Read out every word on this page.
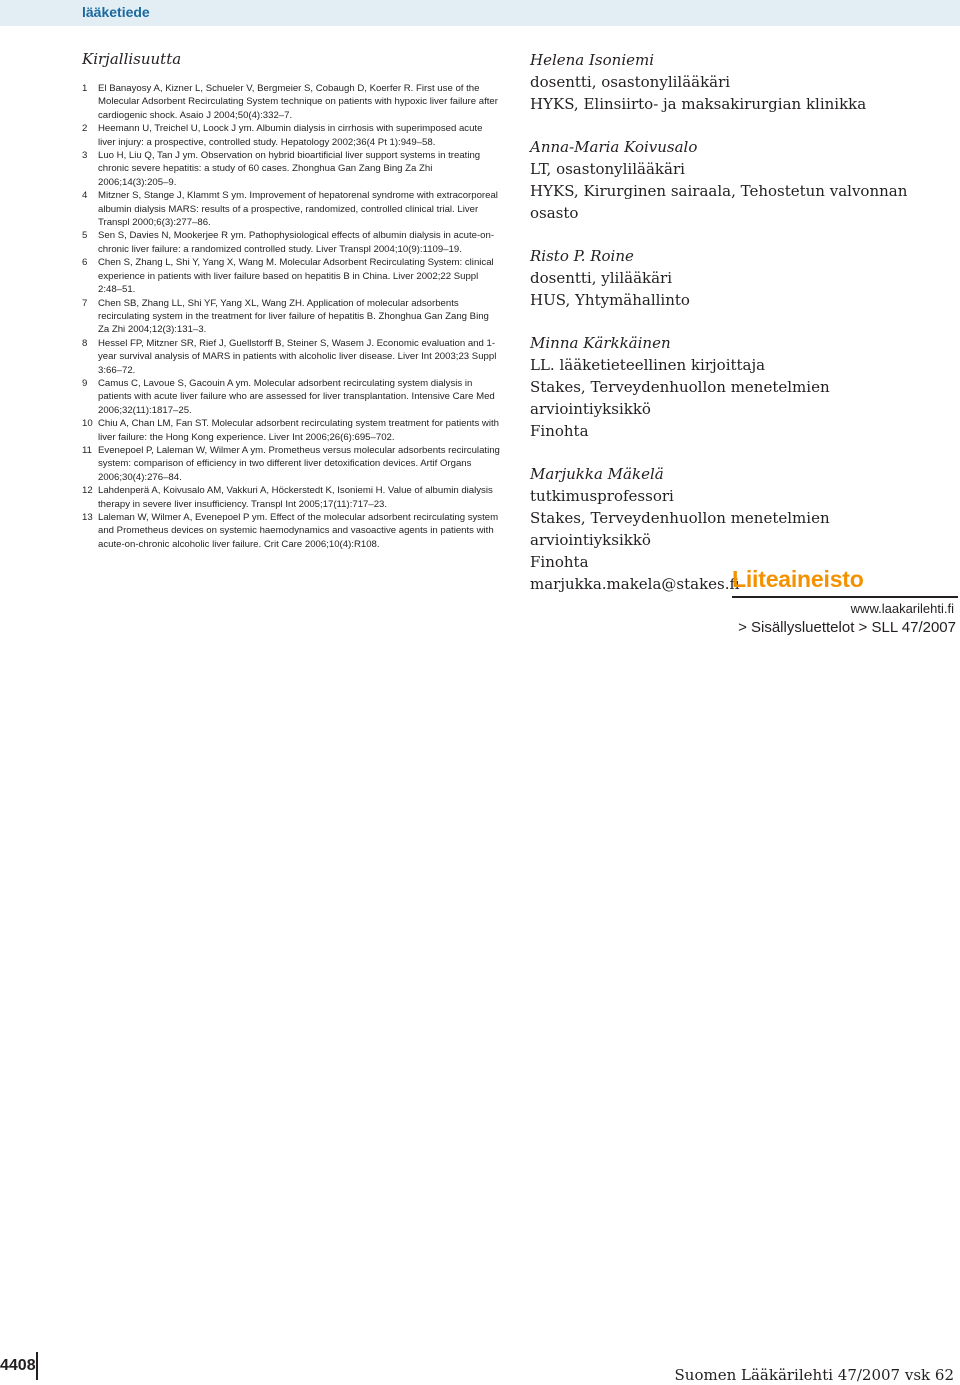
lääketiede
Kirjallisuutta
1	El Banayosy A, Kizner L, Schueler V, Bergmeier S, Cobaugh D, Koerfer R. First use of the Molecular Adsorbent Recirculating System technique on patients with hypoxic liver failure after cardiogenic shock. Asaio J 2004;50(4):332–7.
2	Heemann U, Treichel U, Loock J ym. Albumin dialysis in cirrhosis with superimposed acute liver injury: a prospective, controlled study. Hepatology 2002;36(4 Pt 1):949–58.
3	Luo H, Liu Q, Tan J ym. Observation on hybrid bioartificial liver support systems in treating chronic severe hepatitis: a study of 60 cases. Zhonghua Gan Zang Bing Za Zhi 2006;14(3):205–9.
4	Mitzner S, Stange J, Klammt S ym. Improvement of hepatorenal syndrome with extracorporeal albumin dialysis MARS: results of a prospective, randomized, controlled clinical trial. Liver Transpl 2000;6(3):277–86.
5	Sen S, Davies N, Mookerjee R ym. Pathophysiological effects of albumin dialysis in acute-on-chronic liver failure: a randomized controlled study. Liver Transpl 2004;10(9):1109–19.
6	Chen S, Zhang L, Shi Y, Yang X, Wang M. Molecular Adsorbent Recirculating System: clinical experience in patients with liver failure based on hepatitis B in China. Liver 2002;22 Suppl 2:48–51.
7	Chen SB, Zhang LL, Shi YF, Yang XL, Wang ZH. Application of molecular adsorbents recirculating system in the treatment for liver failure of hepatitis B. Zhonghua Gan Zang Bing Za Zhi 2004;12(3):131–3.
8	Hessel FP, Mitzner SR, Rief J, Guellstorff B, Steiner S, Wasem J. Economic evaluation and 1-year survival analysis of MARS in patients with alcoholic liver disease. Liver Int 2003;23 Suppl 3:66–72.
9	Camus C, Lavoue S, Gacouin A ym. Molecular adsorbent recirculating system dialysis in patients with acute liver failure who are assessed for liver transplantation. Intensive Care Med 2006;32(11):1817–25.
10 Chiu A, Chan LM, Fan ST. Molecular adsorbent recirculating system treatment for patients with liver failure: the Hong Kong experience. Liver Int 2006;26(6):695–702.
11 Evenepoel P, Laleman W, Wilmer A ym. Prometheus versus molecular adsorbents recirculating system: comparison of efficiency in two different liver detoxification devices. Artif Organs 2006;30(4):276–84.
12 Lahdenperä A, Koivusalo AM, Vakkuri A, Höckerstedt K, Isoniemi H. Value of albumin dialysis therapy in severe liver insufficiency. Transpl Int 2005;17(11):717–23.
13 Laleman W, Wilmer A, Evenepoel P ym. Effect of the molecular adsorbent recirculating system and Prometheus devices on systemic haemodynamics and vasoactive agents in patients with acute-on-chronic alcoholic liver failure. Crit Care 2006;10(4):R108.
Helena Isoniemi
dosentti, osastonylilääkäri
HYKS, Elinsiirto- ja maksakirurgian klinikka
Anna-Maria Koivusalo
LT, osastonylilääkäri
HYKS, Kirurginen sairaala, Tehostetun valvonnan osasto
Risto P. Roine
dosentti, ylilääkäri
HUS, Yhtymähallinto
Minna Kärkkäinen
LL. lääketieteellinen kirjoittaja
Stakes, Terveydenhuollon menetelmien arviointiyksikkö
Finohta
Marjukka Mäkelä
tutkimusprofessori
Stakes, Terveydenhuollon menetelmien arviointiyksikkö
Finohta
marjukka.makela@stakes.fi
Liiteaineisto
www.laakarilehti.fi
> Sisällysluettelot > SLL 47/2007
4408
Suomen Lääkärilehti 47/2007 vsk 62
